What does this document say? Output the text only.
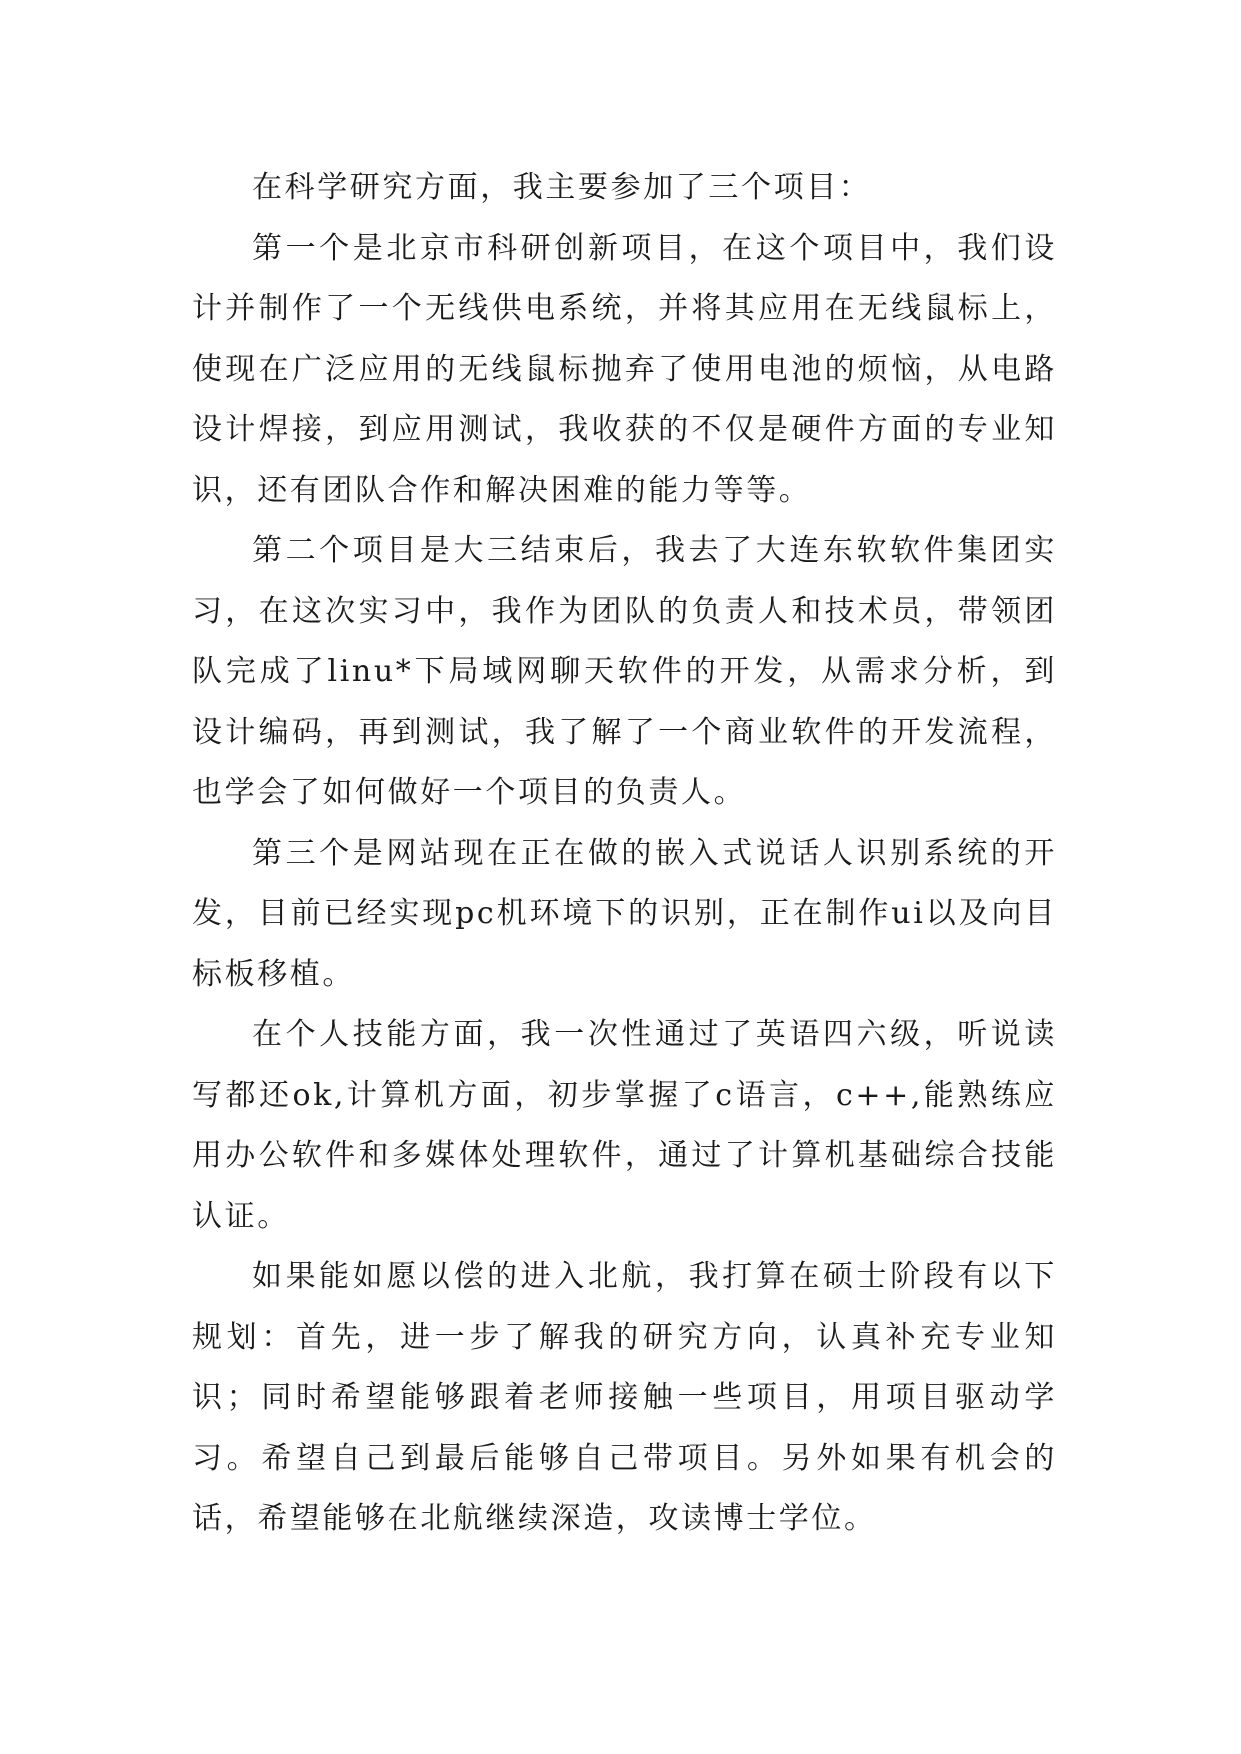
在科学研究方面，我主要参加了三个项目：

第一个是北京市科研创新项目，在这个项目中，我们设计并制作了一个无线供电系统，并将其应用在无线鼠标上，使现在广泛应用的无线鼠标抛弃了使用电池的烦恼，从电路设计焊接，到应用测试，我收获的不仅是硬件方面的专业知识，还有团队合作和解决困难的能力等等。

第二个项目是大三结束后，我去了大连东软软件集团实习，在这次实习中，我作为团队的负责人和技术员，带领团队完成了linu*下局域网聊天软件的开发，从需求分析，到设计编码，再到测试，我了解了一个商业软件的开发流程，也学会了如何做好一个项目的负责人。

第三个是网站现在正在做的嵌入式说话人识别系统的开发，目前已经实现pc机环境下的识别，正在制作ui以及向目标板移植。

在个人技能方面，我一次性通过了英语四六级，听说读写都还ok,计算机方面，初步掌握了c语言，c++,能熟练应用办公软件和多媒体处理软件，通过了计算机基础综合技能认证。

如果能如愿以偿的进入北航，我打算在硕士阶段有以下规划：首先，进一步了解我的研究方向，认真补充专业知识；同时希望能够跟着老师接触一些项目，用项目驱动学习。希望自己到最后能够自己带项目。另外如果有机会的话，希望能够在北航继续深造，攻读博士学位。
